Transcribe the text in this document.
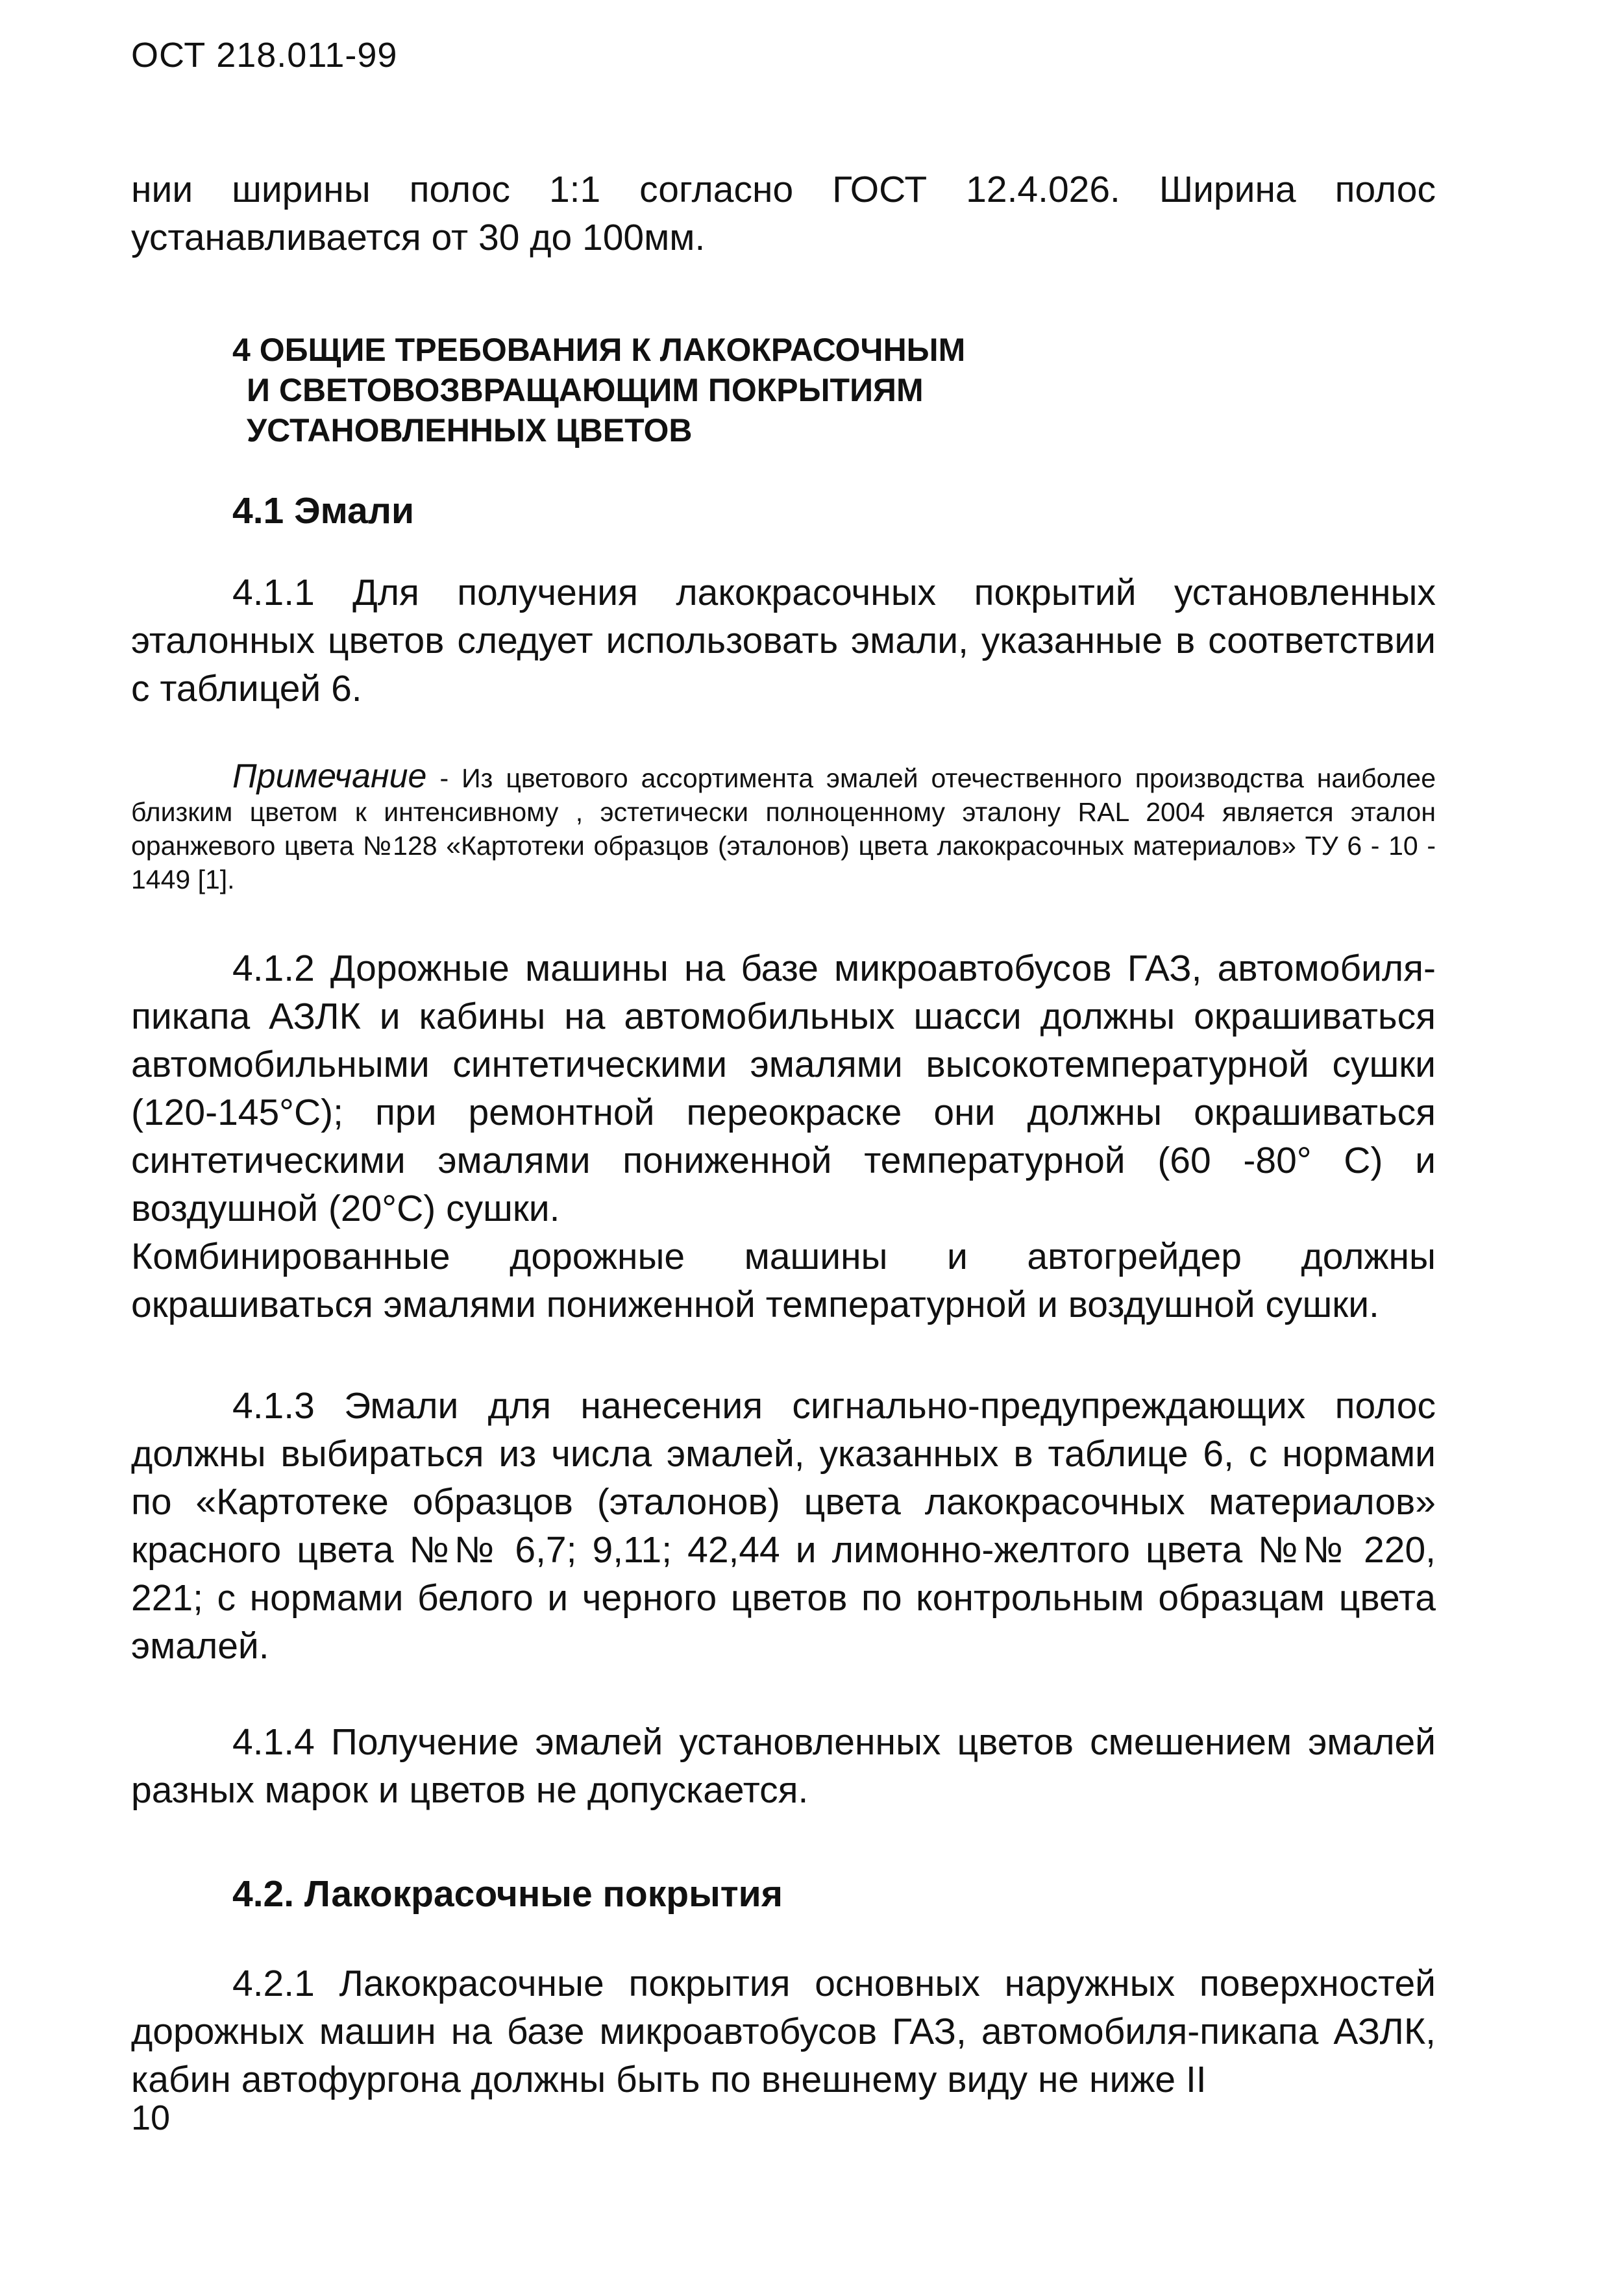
ОСТ 218.011-99

нии ширины полос 1:1 согласно ГОСТ 12.4.026. Ширина полос устанавливается от 30 до 100мм.

4 ОБЩИЕ ТРЕБОВАНИЯ К ЛАКОКРАСОЧНЫМ
И СВЕТОВОЗВРАЩАЮЩИМ ПОКРЫТИЯМ
УСТАНОВЛЕННЫХ ЦВЕТОВ
4.1 Эмали

4.1.1 Для получения лакокрасочных покрытий установленных эталонных цветов следует использовать эмали, указанные в соответствии с таблицей 6.

Примечание - Из цветового ассортимента эмалей отечественного производства наиболее близким цветом к интенсивному , эстетически полноценному эталону RAL 2004 является эталон оранжевого цвета №128 «Картотеки образцов (эталонов) цвета лакокрасочных материалов» ТУ 6 - 10 - 1449 [1].

4.1.2 Дорожные машины на базе микроавтобусов ГАЗ, автомобиля-пикапа АЗЛК и кабины на автомобильных шасси должны окрашиваться автомобильными синтетическими эмалями высокотемпературной сушки (120-145°С); при ремонтной переокраске они должны окрашиваться синтетическими эмалями пониженной температурной (60 -80° С) и воздушной (20°С) сушки.

Комбинированные дорожные машины и автогрейдер должны окрашиваться эмалями пониженной температурной и воздушной сушки.

4.1.3 Эмали для нанесения сигнально-предупреждающих полос должны выбираться из числа эмалей, указанных в таблице 6, с нормами по «Картотеке образцов (эталонов) цвета лакокрасочных материалов» красного цвета №№ 6,7; 9,11; 42,44 и лимонно-желтого цвета №№ 220, 221; с нормами белого и черного цветов по контрольным образцам цвета эмалей.

4.1.4 Получение эмалей установленных цветов смешением эмалей разных марок и цветов не допускается.

4.2. Лакокрасочные покрытия

4.2.1 Лакокрасочные покрытия основных наружных поверхностей дорожных машин на базе микроавтобусов ГАЗ, автомобиля-пикапа АЗЛК, кабин автофургона должны быть по внешнему виду не ниже II

10
